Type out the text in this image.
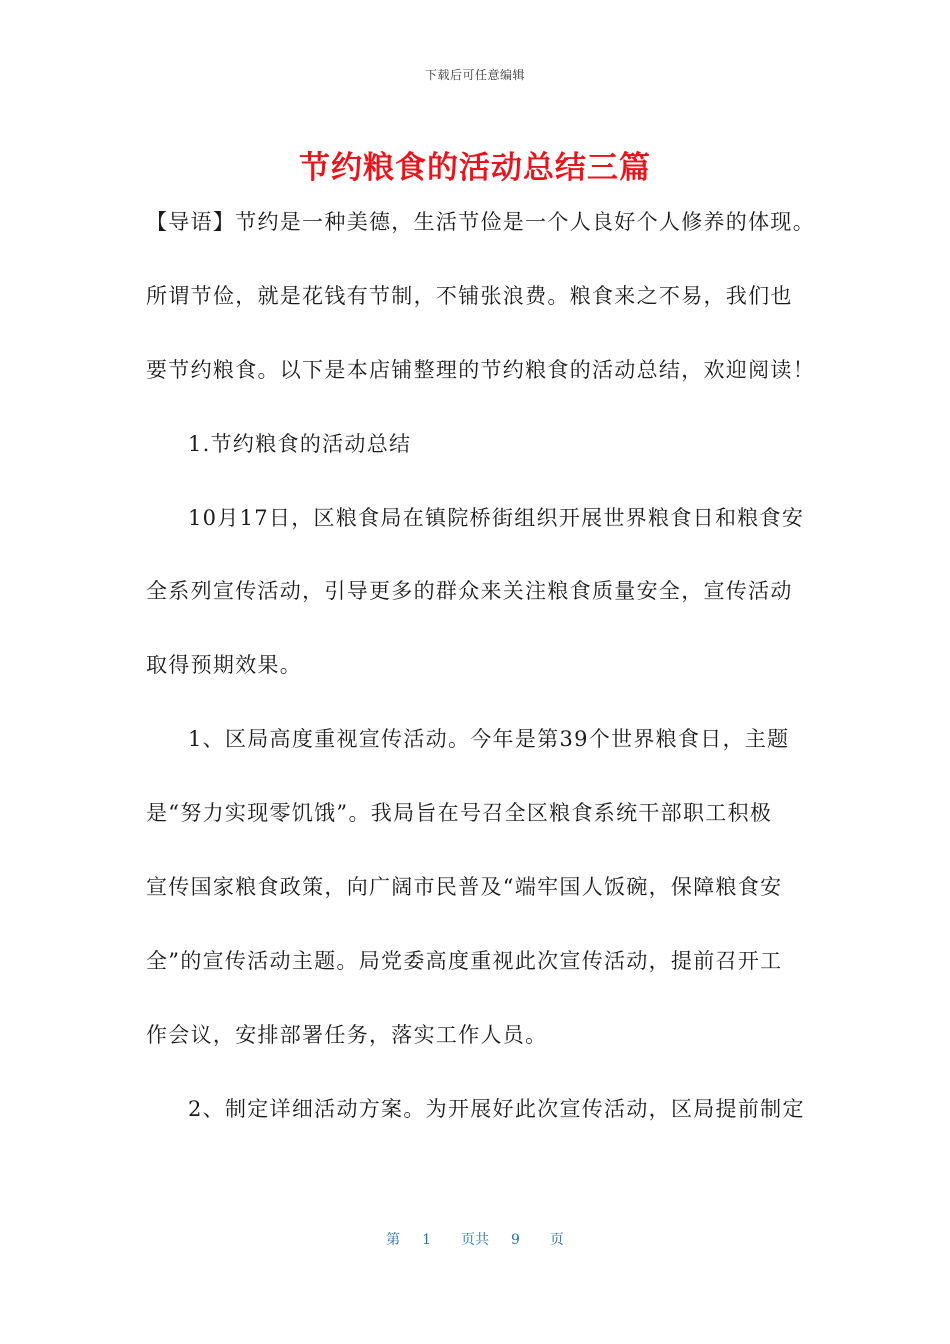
下载后可任意编辑
节约粮食的活动总结三篇
【导语】节约是一种美德，生活节俭是一个人良好个人修养的体现。
所谓节俭，就是花钱有节制，不铺张浪费。粮食来之不易，我们也
要节约粮食。以下是本店铺整理的节约粮食的活动总结，欢迎阅读！
1.节约粮食的活动总结
10月17日，区粮食局在镇院桥街组织开展世界粮食日和粮食安
全系列宣传活动，引导更多的群众来关注粮食质量安全，宣传活动
取得预期效果。
1、区局高度重视宣传活动。今年是第39个世界粮食日，主题
是“努力实现零饥饿”。我局旨在号召全区粮食系统干部职工积极
宣传国家粮食政策，向广阔市民普及“端牢国人饭碗，保障粮食安
全”的宣传活动主题。局党委高度重视此次宣传活动，提前召开工
作会议，安排部署任务，落实工作人员。
2、制定详细活动方案。为开展好此次宣传活动，区局提前制定
第 1 页共 9 页
